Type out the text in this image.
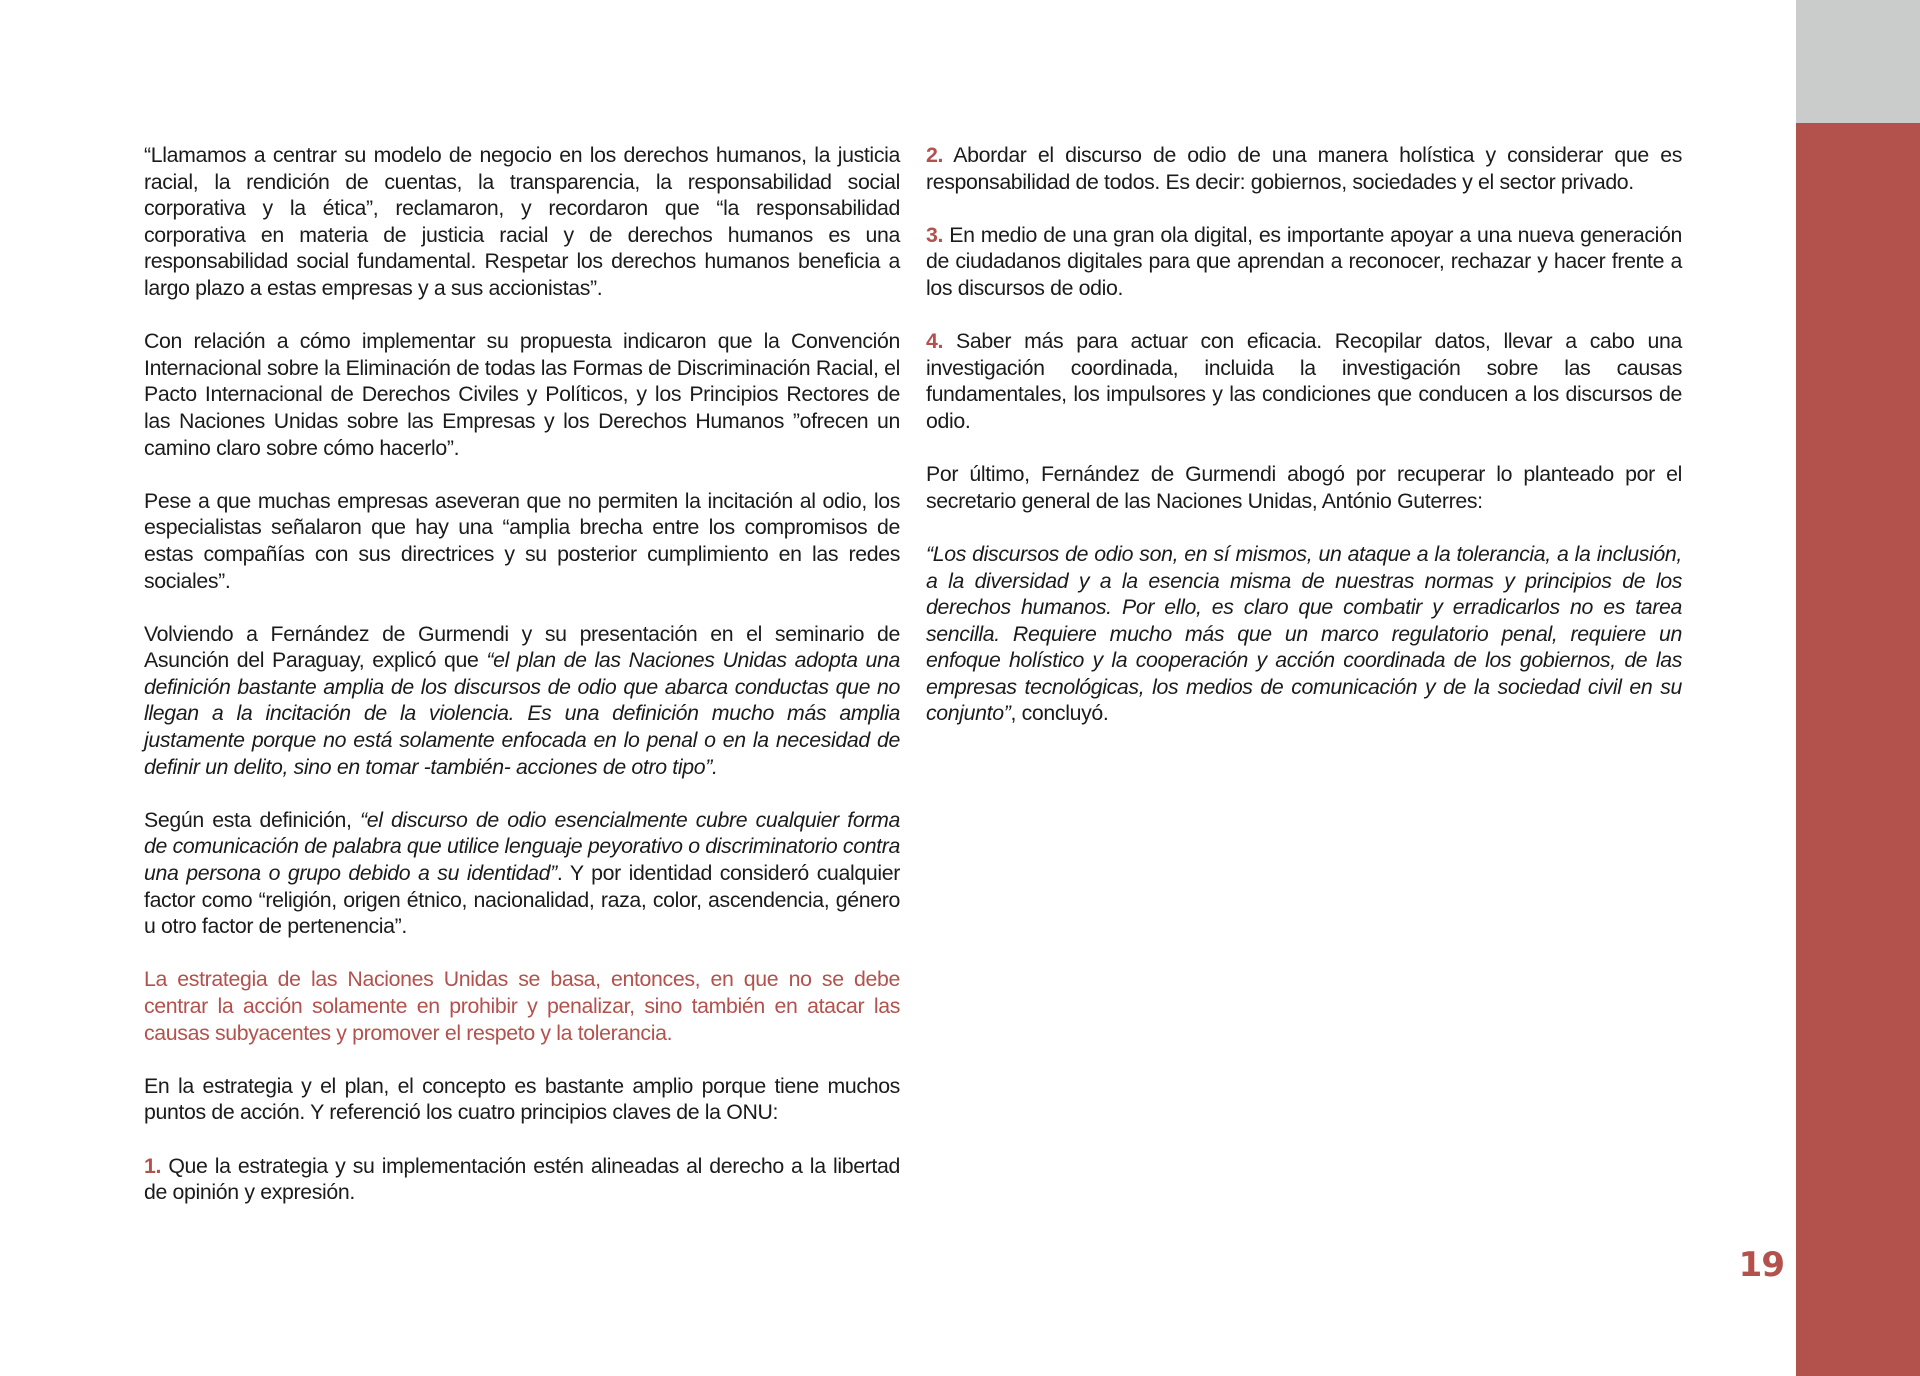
“Llamamos a centrar su modelo de negocio en los derechos humanos, la justicia racial, la rendición de cuentas, la transparencia, la responsabilidad social corporativa y la ética”, reclamaron, y recordaron que “la responsabilidad corporativa en materia de justicia racial y de derechos humanos es una responsabilidad social fundamental. Respetar los derechos humanos beneficia a largo plazo a estas empresas y a sus accionistas”.

Con relación a cómo implementar su propuesta indicaron que la Convención Internacional sobre la Eliminación de todas las Formas de Discriminación Racial, el Pacto Internacional de Derechos Civiles y Políticos, y los Principios Rectores de las Naciones Unidas sobre las Empresas y los Derechos Humanos ”ofrecen un camino claro sobre cómo hacerlo”.

Pese a que muchas empresas aseveran que no permiten la incitación al odio, los especialistas señalaron que hay una “amplia brecha entre los compromisos de estas compañías con sus directrices y su posterior cumplimiento en las redes sociales”.

Volviendo a Fernández de Gurmendi y su presentación en el seminario de Asunción del Paraguay, explicó que “el plan de las Naciones Unidas adopta una definición bastante amplia de los discursos de odio que abarca conductas que no llegan a la incitación de la violencia. Es una definición mucho más amplia justamente porque no está solamente enfocada en lo penal o en la necesidad de definir un delito, sino en tomar -también- acciones de otro tipo”.

Según esta definición, “el discurso de odio esencialmente cubre cualquier forma de comunicación de palabra que utilice lenguaje peyorativo o discriminatorio contra una persona o grupo debido a su identidad”. Y por identidad consideró cualquier factor como “religión, origen étnico, nacionalidad, raza, color, ascendencia, género u otro factor de pertenencia”.

La estrategia de las Naciones Unidas se basa, entonces, en que no se debe centrar la acción solamente en prohibir y penalizar, sino también en atacar las causas subyacentes y promover el respeto y la tolerancia.

En la estrategia y el plan, el concepto es bastante amplio porque tiene muchos puntos de acción. Y referenció los cuatro principios claves de la ONU:

1. Que la estrategia y su implementación estén alineadas al derecho a la libertad de opinión y expresión.

2. Abordar el discurso de odio de una manera holística y considerar que es responsabilidad de todos. Es decir: gobiernos, sociedades y el sector privado.

3. En medio de una gran ola digital, es importante apoyar a una nueva generación de ciudadanos digitales para que aprendan a reconocer, rechazar y hacer frente a los discursos de odio.

4. Saber más para actuar con eficacia. Recopilar datos, llevar a cabo una investigación coordinada, incluida la investigación sobre las causas fundamentales, los impulsores y las condiciones que conducen a los discursos de odio.

Por último, Fernández de Gurmendi abogó por recuperar lo planteado por el secretario general de las Naciones Unidas, António Guterres:

“Los discursos de odio son, en sí mismos, un ataque a la tolerancia, a la inclusión, a la diversidad y a la esencia misma de nuestras normas y principios de los derechos humanos. Por ello, es claro que combatir y erradicarlos no es tarea sencilla. Requiere mucho más que un marco regulatorio penal, requiere un enfoque holístico y la cooperación y acción coordinada de los gobiernos, de las empresas tecnológicas, los medios de comunicación y de la sociedad civil en su conjunto”, concluyó.

19
